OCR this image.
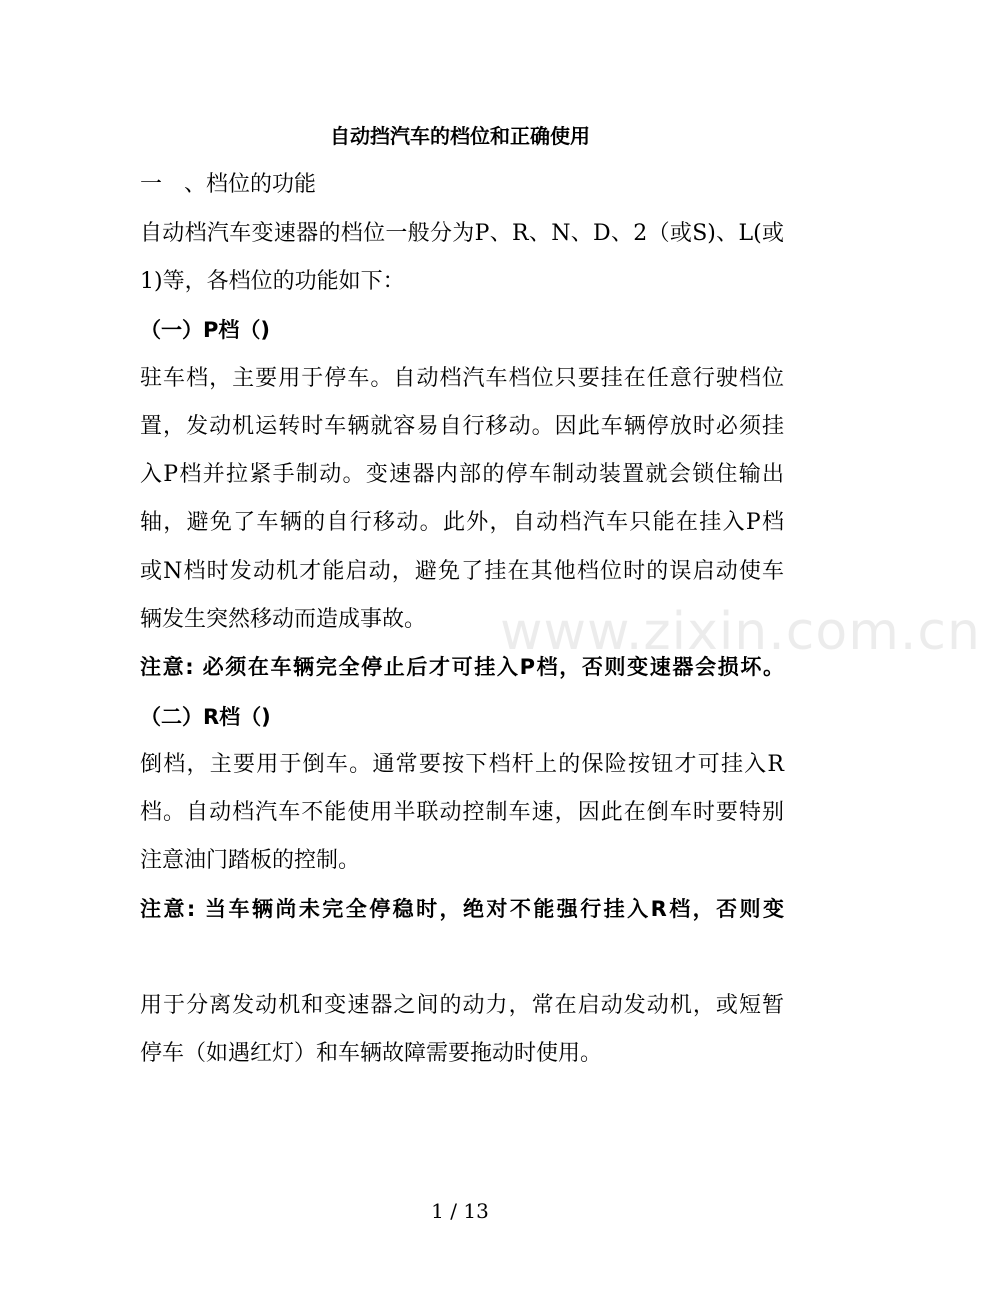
自动挡汽车的档位和正确使用
一　、档位的功能
自动档汽车变速器的档位一般分为P、R、N、D、2（或S)、L(或
1)等，各档位的功能如下：
（一）P档（)
驻车档，主要用于停车。自动档汽车档位只要挂在任意行驶档位
置，发动机运转时车辆就容易自行移动。因此车辆停放时必须挂
入P档并拉紧手制动。变速器内部的停车制动装置就会锁住输出
轴，避免了车辆的自行移动。此外，自动档汽车只能在挂入P档
或N档时发动机才能启动，避免了挂在其他档位时的误启动使车
辆发生突然移动而造成事故。
注意: 必须在车辆完全停止后才可挂入P档，否则变速器会损坏。
（二）R档（)
倒档，主要用于倒车。通常要按下档杆上的保险按钮才可挂入R
档。自动档汽车不能使用半联动控制车速，因此在倒车时要特别
注意油门踏板的控制。
注意: 当车辆尚未完全停稳时，绝对不能强行挂入R档，否则变
用于分离发动机和变速器之间的动力，常在启动发动机，或短暂
停车（如遇红灯）和车辆故障需要拖动时使用。
www.zixin.com.cn
1 / 13
